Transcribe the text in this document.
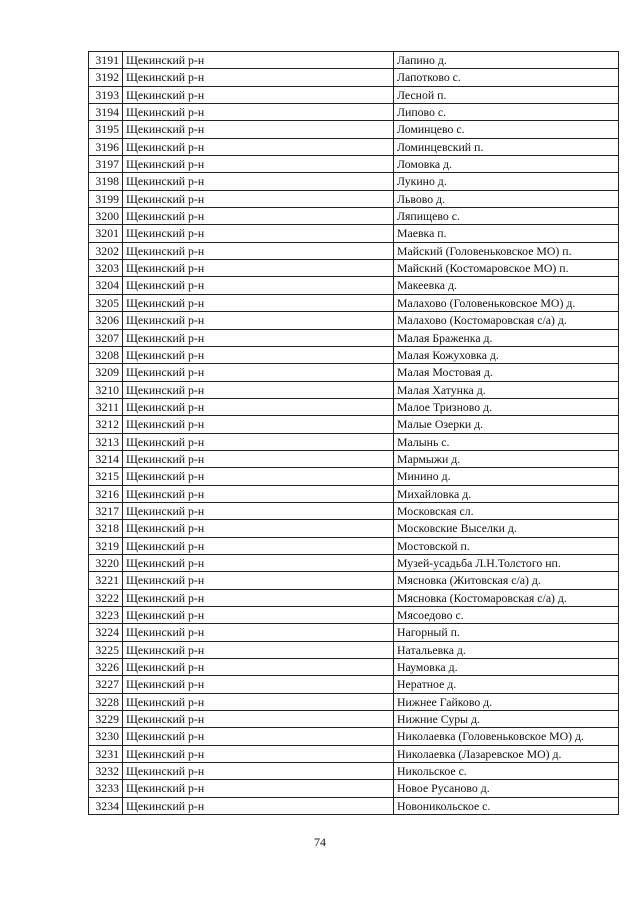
3191	Щекинский р-н	Лапино д.
3192	Щекинский р-н	Лапотково с.
3193	Щекинский р-н	Лесной п.
3194	Щекинский р-н	Липово с.
3195	Щекинский р-н	Ломинцево с.
3196	Щекинский р-н	Ломинцевский п.
3197	Щекинский р-н	Ломовка д.
3198	Щекинский р-н	Лукино д.
3199	Щекинский р-н	Львово д.
3200	Щекинский р-н	Ляпищево с.
3201	Щекинский р-н	Маевка п.
3202	Щекинский р-н	Майский (Головеньковское МО) п.
3203	Щекинский р-н	Майский (Костомаровское МО) п.
3204	Щекинский р-н	Макеевка д.
3205	Щекинский р-н	Малахово (Головеньковское МО) д.
3206	Щекинский р-н	Малахово (Костомаровская с/а) д.
3207	Щекинский р-н	Малая Браженка д.
3208	Щекинский р-н	Малая Кожуховка д.
3209	Щекинский р-н	Малая Мостовая д.
3210	Щекинский р-н	Малая Хатунка д.
3211	Щекинский р-н	Малое Тризново д.
3212	Щекинский р-н	Малые Озерки д.
3213	Щекинский р-н	Малынь с.
3214	Щекинский р-н	Мармыжи д.
3215	Щекинский р-н	Минино д.
3216	Щекинский р-н	Михайловка д.
3217	Щекинский р-н	Московская сл.
3218	Щекинский р-н	Московские Выселки д.
3219	Щекинский р-н	Мостовской п.
3220	Щекинский р-н	Музей-усадьба Л.Н.Толстого нп.
3221	Щекинский р-н	Мясновка (Житовская с/а) д.
3222	Щекинский р-н	Мясновка (Костомаровская с/а) д.
3223	Щекинский р-н	Мясоедово с.
3224	Щекинский р-н	Нагорный п.
3225	Щекинский р-н	Натальевка д.
3226	Щекинский р-н	Наумовка д.
3227	Щекинский р-н	Нератное д.
3228	Щекинский р-н	Нижнее Гайково д.
3229	Щекинский р-н	Нижние Суры д.
3230	Щекинский р-н	Николаевка (Головеньковское МО) д.
3231	Щекинский р-н	Николаевка (Лазаревское МО) д.
3232	Щекинский р-н	Никольское с.
3233	Щекинский р-н	Новое Русаново д.
3234	Щекинский р-н	Новоникольское с.
74
